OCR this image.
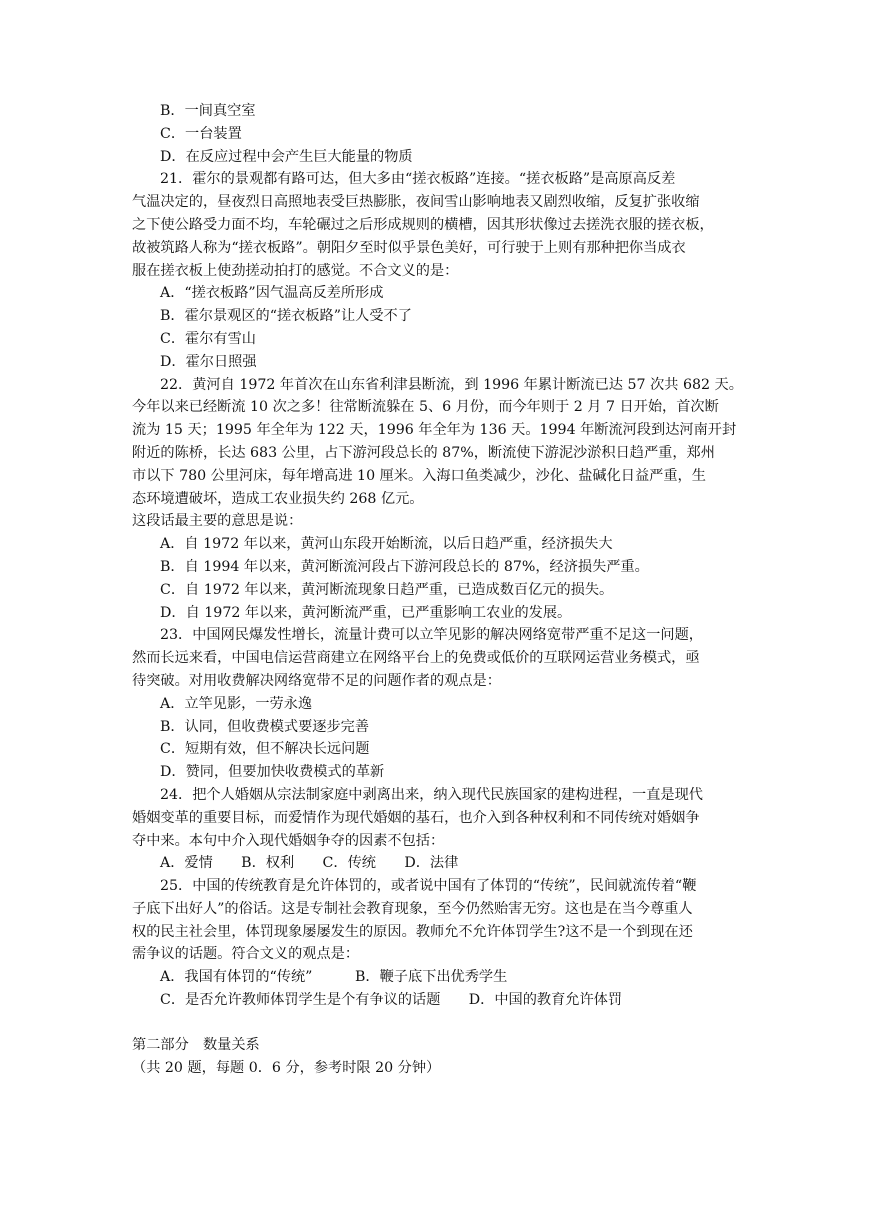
B．一间真空室
C．一台装置
D．在反应过程中会产生巨大能量的物质
21．霍尔的景观都有路可达，但大多由“搓衣板路”连接。“搓衣板路”是高原高反差
气温决定的，昼夜烈日高照地表受巨热膨胀，夜间雪山影响地表又剧烈收缩，反复扩张收缩
之下使公路受力面不均，车轮碾过之后形成规则的横槽，因其形状像过去搓洗衣服的搓衣板，
故被筑路人称为“搓衣板路”。朝阳夕至时似乎景色美好，可行驶于上则有那种把你当成衣
服在搓衣板上使劲搓动拍打的感觉。不合文义的是：
A．“搓衣板路”因气温高反差所形成
B．霍尔景观区的“搓衣板路”让人受不了
C．霍尔有雪山
D．霍尔日照强
22．黄河自 1972 年首次在山东省利津县断流，到 1996 年累计断流已达 57 次共 682 天。
今年以来已经断流 10 次之多！往常断流躲在 5、6 月份，而今年则于 2 月 7 日开始，首次断
流为 15 天；1995 年全年为 122 天，1996 年全年为 136 天。1994 年断流河段到达河南开封
附近的陈桥，长达 683 公里，占下游河段总长的 87%，断流使下游泥沙淤积日趋严重，郑州
市以下 780 公里河床，每年增高进 10 厘米。入海口鱼类减少，沙化、盐碱化日益严重，生
态环境遭破坏，造成工农业损失约 268 亿元。
这段话最主要的意思是说：
A．自 1972 年以来，黄河山东段开始断流，以后日趋严重，经济损失大
B．自 1994 年以来，黄河断流河段占下游河段总长的 87%，经济损失严重。
C．自 1972 年以来，黄河断流现象日趋严重，已造成数百亿元的损失。
D．自 1972 年以来，黄河断流严重，已严重影响工农业的发展。
23．中国网民爆发性增长，流量计费可以立竿见影的解决网络宽带严重不足这一问题，
然而长远来看，中国电信运营商建立在网络平台上的免费或低价的互联网运营业务模式，亟
待突破。对用收费解决网络宽带不足的问题作者的观点是：
A．立竿见影，一劳永逸
B．认同，但收费模式要逐步完善
C．短期有效，但不解决长远问题
D．赞同，但要加快收费模式的革新
24．把个人婚姻从宗法制家庭中剥离出来，纳入现代民族国家的建构进程，一直是现代
婚姻变革的重要目标，而爱情作为现代婚姻的基石，也介入到各种权利和不同传统对婚姻争
夺中来。本句中介入现代婚姻争夺的因素不包括：
A．爱情　　B．权利　　C．传统　　D．法律
25．中国的传统教育是允许体罚的，或者说中国有了体罚的“传统”，民间就流传着“鞭
子底下出好人”的俗话。这是专制社会教育现象，至今仍然贻害无穷。这也是在当今尊重人
权的民主社会里，体罚现象屡屡发生的原因。教师允不允许体罚学生?这不是一个到现在还
需争议的话题。符合文义的观点是：
A．我国有体罚的“传统”　　　B．鞭子底下出优秀学生
C．是否允许教师体罚学生是个有争议的话题　　D．中国的教育允许体罚
第二部分　数量关系
（共 20 题，每题 0．6 分，参考时限 20 分钟）
